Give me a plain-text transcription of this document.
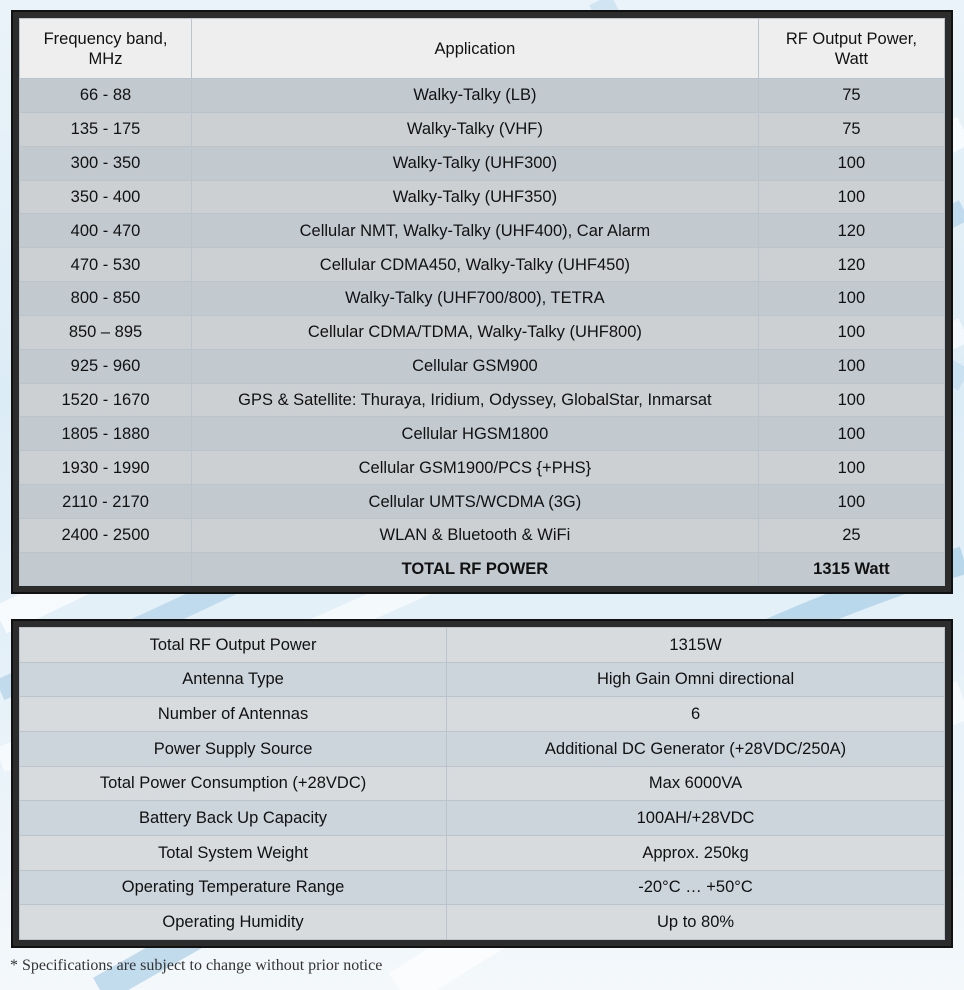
Frequency band,
MHz	Application	RF Output Power,
Watt
66 - 88	Walky-Talky (LB)	75
135 - 175	Walky-Talky (VHF)	75
300 - 350	Walky-Talky (UHF300)	100
350 - 400	Walky-Talky (UHF350)	100
400 - 470	Cellular NMT, Walky-Talky (UHF400), Car Alarm	120
470 - 530	Cellular CDMA450, Walky-Talky (UHF450)	120
800 - 850	Walky-Talky (UHF700/800), TETRA	100
850 – 895	Cellular CDMA/TDMA, Walky-Talky (UHF800)	100
925 - 960	Cellular GSM900	100
1520 - 1670	GPS & Satellite: Thuraya, Iridium, Odyssey, GlobalStar, Inmarsat	100
1805 - 1880	Cellular HGSM1800	100
1930 - 1990	Cellular GSM1900/PCS {+PHS}	100
2110 - 2170	Cellular UMTS/WCDMA (3G)	100
2400 - 2500	WLAN & Bluetooth & WiFi	25
	TOTAL RF POWER	1315 Watt
Total RF Output Power	1315W
Antenna Type	High Gain Omni directional
Number of Antennas	6
Power Supply Source	Additional DC Generator (+28VDC/250A)
Total Power Consumption (+28VDC)	Max 6000VA
Battery Back Up Capacity	100AH/+28VDC
Total System Weight	Approx. 250kg
Operating Temperature Range	-20°C … +50°C
Operating Humidity	Up to 80%
* Specifications are subject to change without prior notice
